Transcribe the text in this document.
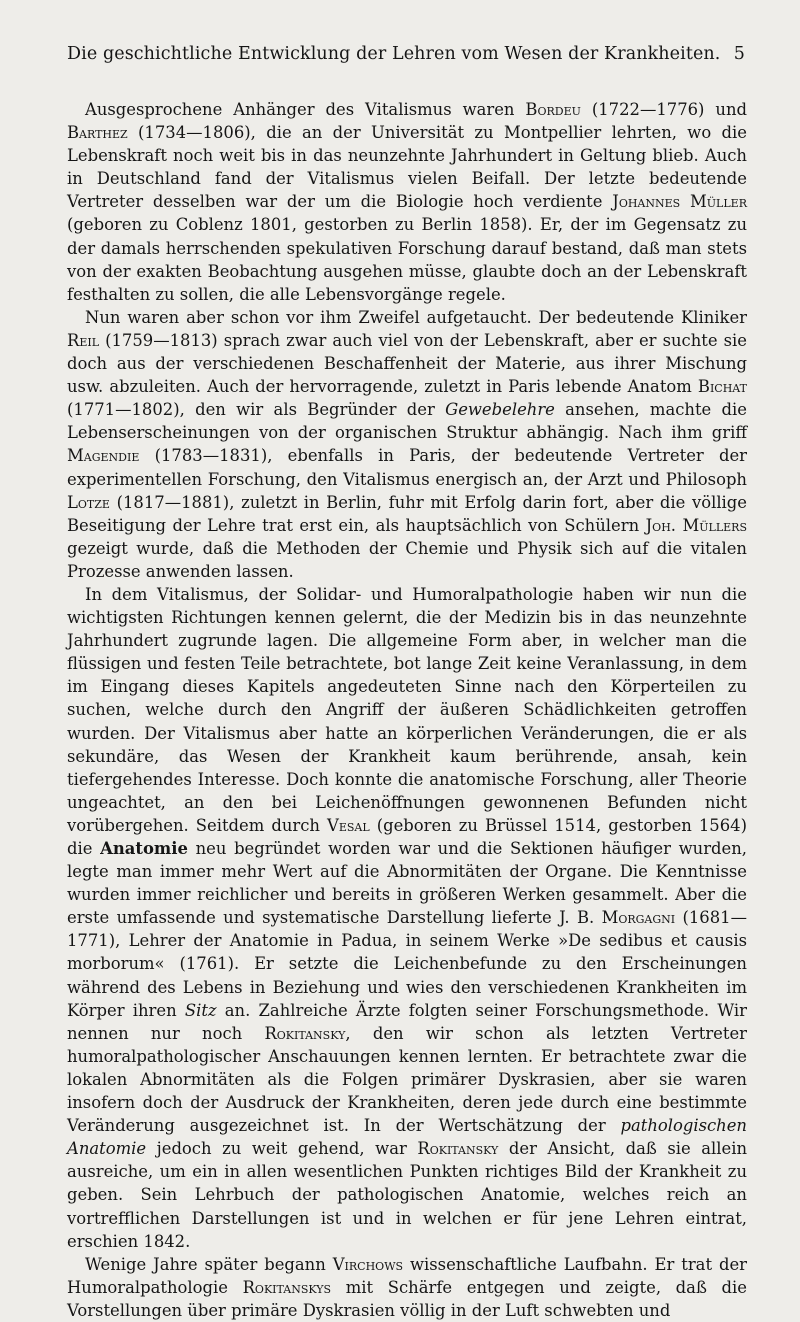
Die geschichtliche Entwicklung der Lehren vom Wesen der Krankheiten. 5

Ausgesprochene Anhänger des Vitalismus waren Bordeu (1722—1776) und Barthez (1734—1806), die an der Universität zu Montpellier lehrten, wo die Lebenskraft noch weit bis in das neunzehnte Jahrhundert in Geltung blieb. Auch in Deutschland fand der Vitalismus vielen Beifall. Der letzte bedeutende Vertreter desselben war der um die Biologie hoch verdiente Johannes Müller (geboren zu Coblenz 1801, gestorben zu Berlin 1858). Er, der im Gegensatz zu der damals herrschenden spekulativen Forschung darauf bestand, daß man stets von der exakten Beobachtung ausgehen müsse, glaubte doch an der Lebenskraft festhalten zu sollen, die alle Lebensvorgänge regele.

Nun waren aber schon vor ihm Zweifel aufgetaucht. Der bedeutende Kliniker Reil (1759—1813) sprach zwar auch viel von der Lebenskraft, aber er suchte sie doch aus der verschiedenen Beschaffenheit der Materie, aus ihrer Mischung usw. abzuleiten. Auch der hervorragende, zuletzt in Paris lebende Anatom Bichat (1771—1802), den wir als Begründer der Gewebelehre ansehen, machte die Lebenserscheinungen von der organischen Struktur abhängig. Nach ihm griff Magendie (1783—1831), ebenfalls in Paris, der bedeutende Vertreter der experimentellen Forschung, den Vitalismus energisch an, der Arzt und Philosoph Lotze (1817—1881), zuletzt in Berlin, fuhr mit Erfolg darin fort, aber die völlige Beseitigung der Lehre trat erst ein, als hauptsächlich von Schülern Joh. Müllers gezeigt wurde, daß die Methoden der Chemie und Physik sich auf die vitalen Prozesse anwenden lassen.

In dem Vitalismus, der Solidar- und Humoralpathologie haben wir nun die wichtigsten Richtungen kennen gelernt, die der Medizin bis in das neunzehnte Jahrhundert zugrunde lagen. Die allgemeine Form aber, in welcher man die flüssigen und festen Teile betrachtete, bot lange Zeit keine Veranlassung, in dem im Eingang dieses Kapitels angedeuteten Sinne nach den Körperteilen zu suchen, welche durch den Angriff der äußeren Schädlichkeiten getroffen wurden. Der Vitalismus aber hatte an körperlichen Veränderungen, die er als sekundäre, das Wesen der Krankheit kaum berührende, ansah, kein tiefergehendes Interesse. Doch konnte die anatomische Forschung, aller Theorie ungeachtet, an den bei Leichenöffnungen gewonnenen Befunden nicht vorübergehen. Seitdem durch Vesal (geboren zu Brüssel 1514, gestorben 1564) die Anatomie neu begründet worden war und die Sektionen häufiger wurden, legte man immer mehr Wert auf die Abnormitäten der Organe. Die Kenntnisse wurden immer reichlicher und bereits in größeren Werken gesammelt. Aber die erste umfassende und systematische Darstellung lieferte J. B. Morgagni (1681—1771), Lehrer der Anatomie in Padua, in seinem Werke »De sedibus et causis morborum« (1761). Er setzte die Leichenbefunde zu den Erscheinungen während des Lebens in Beziehung und wies den verschiedenen Krankheiten im Körper ihren Sitz an. Zahlreiche Ärzte folgten seiner Forschungsmethode. Wir nennen nur noch Rokitansky, den wir schon als letzten Vertreter humoralpathologischer Anschauungen kennen lernten. Er betrachtete zwar die lokalen Abnormitäten als die Folgen primärer Dyskrasien, aber sie waren insofern doch der Ausdruck der Krankheiten, deren jede durch eine bestimmte Veränderung ausgezeichnet ist. In der Wertschätzung der pathologischen Anatomie jedoch zu weit gehend, war Rokitansky der Ansicht, daß sie allein ausreiche, um ein in allen wesentlichen Punkten richtiges Bild der Krankheit zu geben. Sein Lehrbuch der pathologischen Anatomie, welches reich an vortrefflichen Darstellungen ist und in welchen er für jene Lehren eintrat, erschien 1842.

Wenige Jahre später begann Virchows wissenschaftliche Laufbahn. Er trat der Humoralpathologie Rokitanskys mit Schärfe entgegen und zeigte, daß die Vorstellungen über primäre Dyskrasien völlig in der Luft schwebten und
